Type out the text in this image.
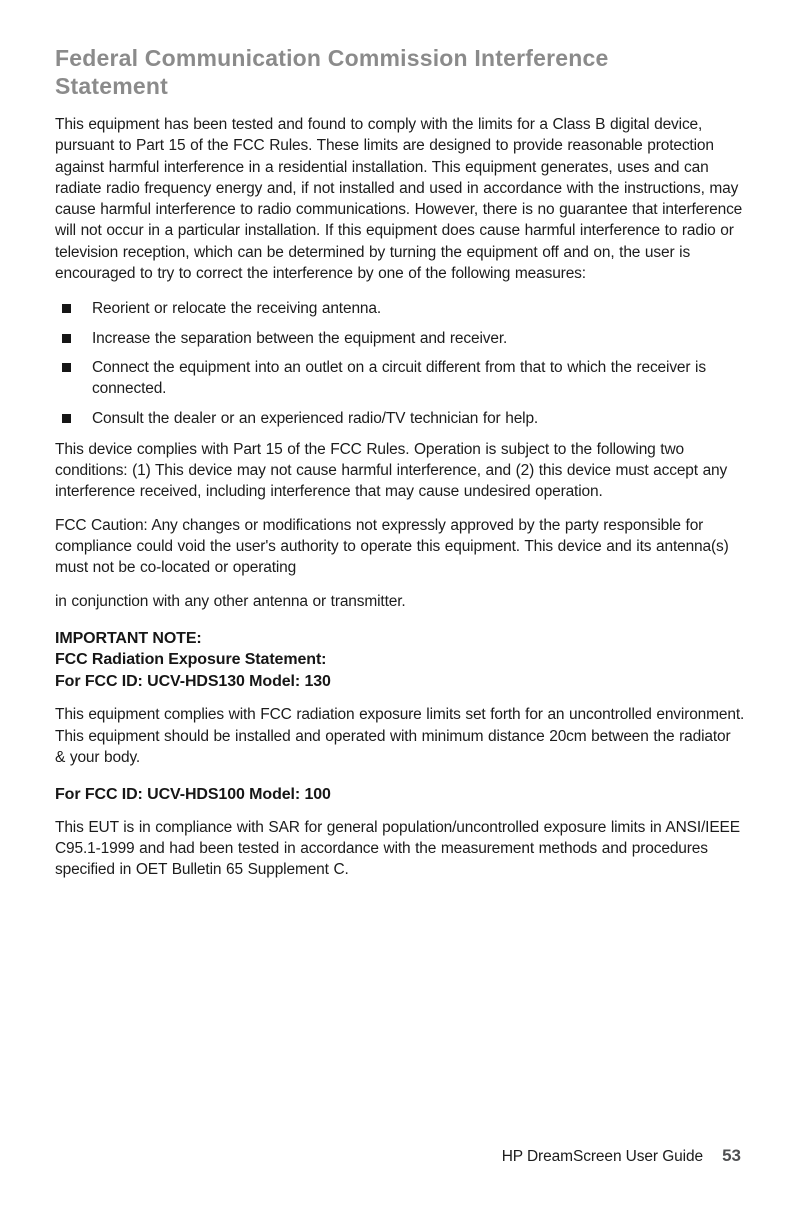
Federal Communication Commission Interference
Statement

This equipment has been tested and found to comply with the limits for a Class B digital device, pursuant to Part 15 of the FCC Rules. These limits are designed to provide reasonable protection against harmful interference in a residential installation. This equipment generates, uses and can radiate radio frequency energy and, if not installed and used in accordance with the instructions, may cause harmful interference to radio communications. However, there is no guarantee that interference will not occur in a particular installation. If this equipment does cause harmful interference to radio or television reception, which can be determined by turning the equipment off and on, the user is encouraged to try to correct the interference by one of the following measures:

Reorient or relocate the receiving antenna.
Increase the separation between the equipment and receiver.
Connect the equipment into an outlet on a circuit different from that to which the receiver is connected.
Consult the dealer or an experienced radio/TV technician for help.

This device complies with Part 15 of the FCC Rules. Operation is subject to the following two conditions: (1) This device may not cause harmful interference, and (2) this device must accept any interference received, including interference that may cause undesired operation.

FCC Caution: Any changes or modifications not expressly approved by the party responsible for compliance could void the user's authority to operate this equipment. This device and its antenna(s) must not be co-located or operating

in conjunction with any other antenna or transmitter.

IMPORTANT NOTE:
FCC Radiation Exposure Statement:
For FCC ID: UCV-HDS130 Model: 130

This equipment complies with FCC radiation exposure limits set forth for an uncontrolled environment. This equipment should be installed and operated with minimum distance 20cm between the radiator & your body.

For FCC ID: UCV-HDS100 Model: 100

This EUT is in compliance with SAR for general population/uncontrolled exposure limits in ANSI/IEEE C95.1-1999 and had been tested in accordance with the measurement methods and procedures specified in OET Bulletin 65 Supplement C.

HP DreamScreen User Guide 53
